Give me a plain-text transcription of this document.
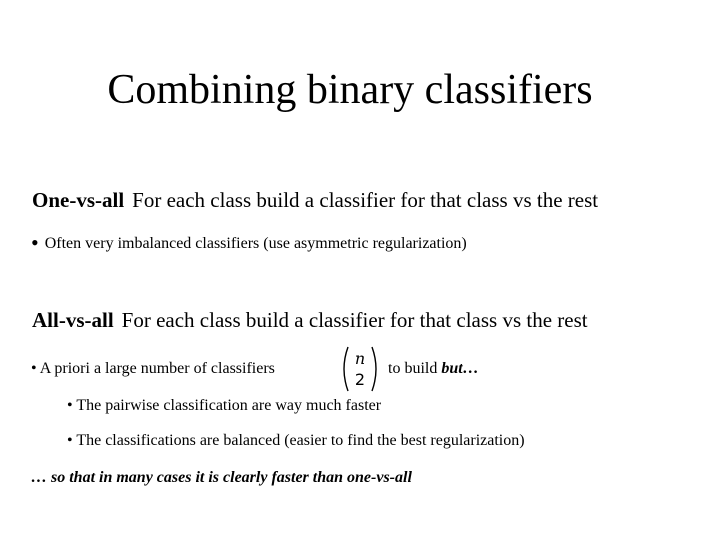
Combining binary classifiers
One-vs-all For each class build a classifier for that class vs the rest
• Often very imbalanced classifiers (use asymmetric regularization)
All-vs-all For each class build a classifier for that class vs the rest
• A priori a large number of classifiers
n
2
to build but…
• The pairwise classification are way much faster
• The classifications are balanced (easier to find the best regularization)
… so that in many cases it is clearly faster than one-vs-all
